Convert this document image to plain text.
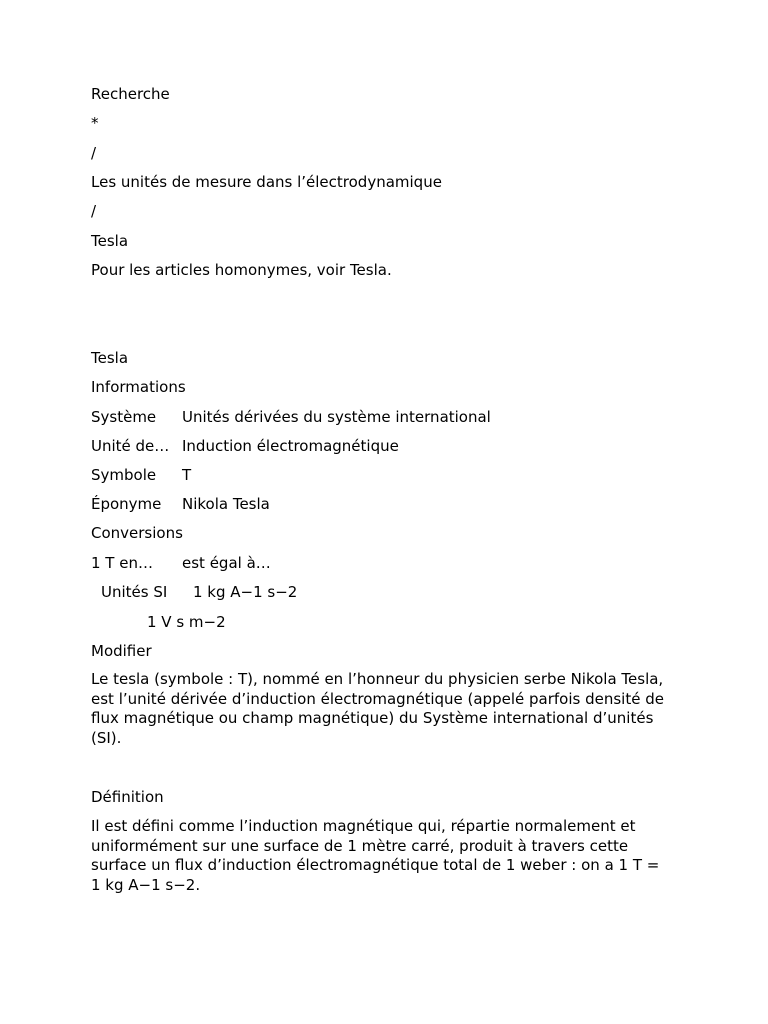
Recherche
*
/
Les unités de mesure dans l’électrodynamique
/
Tesla
Pour les articles homonymes, voir Tesla.
Tesla
Informations
Système Unités dérivées du système international
Unité de… Induction électromagnétique
Symbole T
Éponyme Nikola Tesla
Conversions
1 T en… est égal à…
Unités SI 1 kg A−1 s−2
1 V s m−2
Modifier
Le tesla (symbole : T), nommé en l’honneur du physicien serbe Nikola Tesla, est l’unité dérivée d’induction électromagnétique (appelé parfois densité de flux magnétique ou champ magnétique) du Système international d’unités (SI).
Définition
Il est défini comme l’induction magnétique qui, répartie normalement et uniformément sur une surface de 1 mètre carré, produit à travers cette surface un flux d’induction électromagnétique total de 1 weber : on a 1 T = 1 kg A−1 s−2.
